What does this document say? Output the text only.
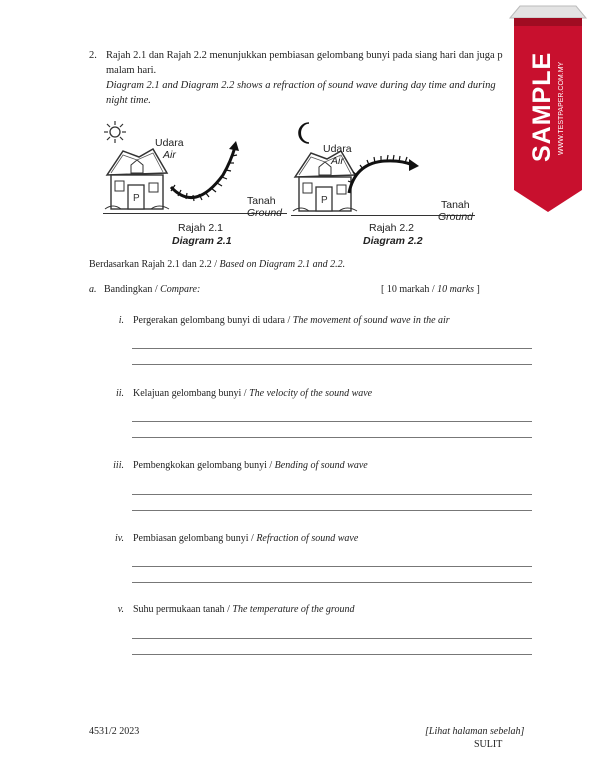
2. Rajah 2.1 dan Rajah 2.2 menunjukkan pembiasan gelombang bunyi pada siang hari dan juga p
malam hari.
Diagram 2.1 and Diagram 2.2 shows a refraction of sound wave during day time and during
night time.
P
Udara
Air
Tanah
Ground
Rajah 2.1
Diagram 2.1
P
Udara
Air
Tanah
Ground
Rajah 2.2
Diagram 2.2
Berdasarkan Rajah 2.1 dan 2.2 / Based on Diagram 2.1 and 2.2.
a. Bandingkan / Compare:	[ 10 markah / 10 marks ]
i. Pergerakan gelombang bunyi di udara / The movement of sound wave in the air
ii. Kelajuan gelombang bunyi / The velocity of the sound wave
iii. Pembengkokan gelombang bunyi / Bending of sound wave
iv. Pembiasan gelombang bunyi / Refraction of sound wave
v. Suhu permukaan tanah / The temperature of the ground
4531/2 2023	[Lihat halaman sebelah]
SULIT
SAMPLE WWW.TESTPAPER.COM.MY
